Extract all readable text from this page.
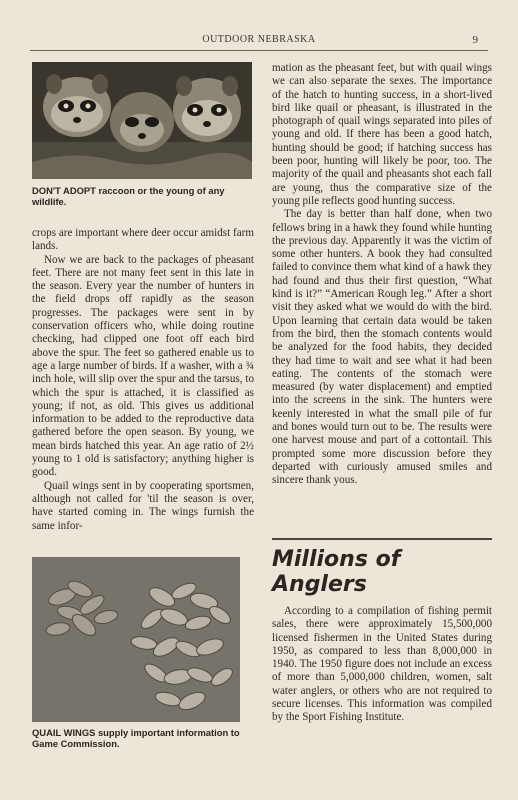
OUTDOOR NEBRASKA	9
DON'T ADOPT raccoon or the young of any wildlife.

crops are important where deer occur amidst farm lands.

Now we are back to the packages of pheasant feet. There are not many feet sent in this late in the season. Every year the number of hunters in the field drops off rapidly as the season progresses. The packages were sent in by conservation officers who, while doing routine checking, had clipped one foot off each bird above the spur. The feet so gathered enable us to age a large number of birds. If a washer, with a ¾ inch hole, will slip over the spur and the tarsus, to which the spur is attached, it is classified as young; if not, as old. This gives us additional information to be added to the reproductive data gathered before the open season. By young, we mean birds hatched this year. An age ratio of 2½ young to 1 old is satisfactory; anything higher is good.

Quail wings sent in by cooperating sportsmen, although not called for 'til the season is over, have started coming in. The wings furnish the same infor-

QUAIL WINGS supply important information to Game Commission.

mation as the pheasant feet, but with quail wings we can also separate the sexes. The importance of the hatch to hunting success, in a short-lived bird like quail or pheasant, is illustrated in the photograph of quail wings separated into piles of young and old. If there has been a good hatch, hunting should be good; if hatching success has been poor, hunting will likely be poor, too. The majority of the quail and pheasants shot each fall are young, thus the comparative size of the young pile reflects good hunting success.

The day is better than half done, when two fellows bring in a hawk they found while hunting the previous day. Apparently it was the victim of some other hunters. A book they had consulted failed to convince them what kind of a hawk they had found and thus their first question, “What kind is it?” “American Rough leg.” After a short visit they asked what we would do with the bird. Upon learning that certain data would be taken from the bird, then the stomach contents would be analyzed for the food habits, they decided they had time to wait and see what it had been eating. The contents of the stomach were measured (by water displacement) and emptied into the screens in the sink. The hunters were keenly interested in what the small pile of fur and bones would turn out to be. The results were one harvest mouse and part of a cottontail. This prompted some more discussion before they departed with curiously amused smiles and sincere thank yous.

Millions of Anglers

According to a compilation of fishing permit sales, there were approximately 15,500,000 licensed fishermen in the United States during 1950, as compared to less than 8,000,000 in 1940. The 1950 figure does not include an excess of more than 5,000,000 children, women, salt water anglers, or others who are not required to secure licenses. This information was compiled by the Sport Fishing Institute.
